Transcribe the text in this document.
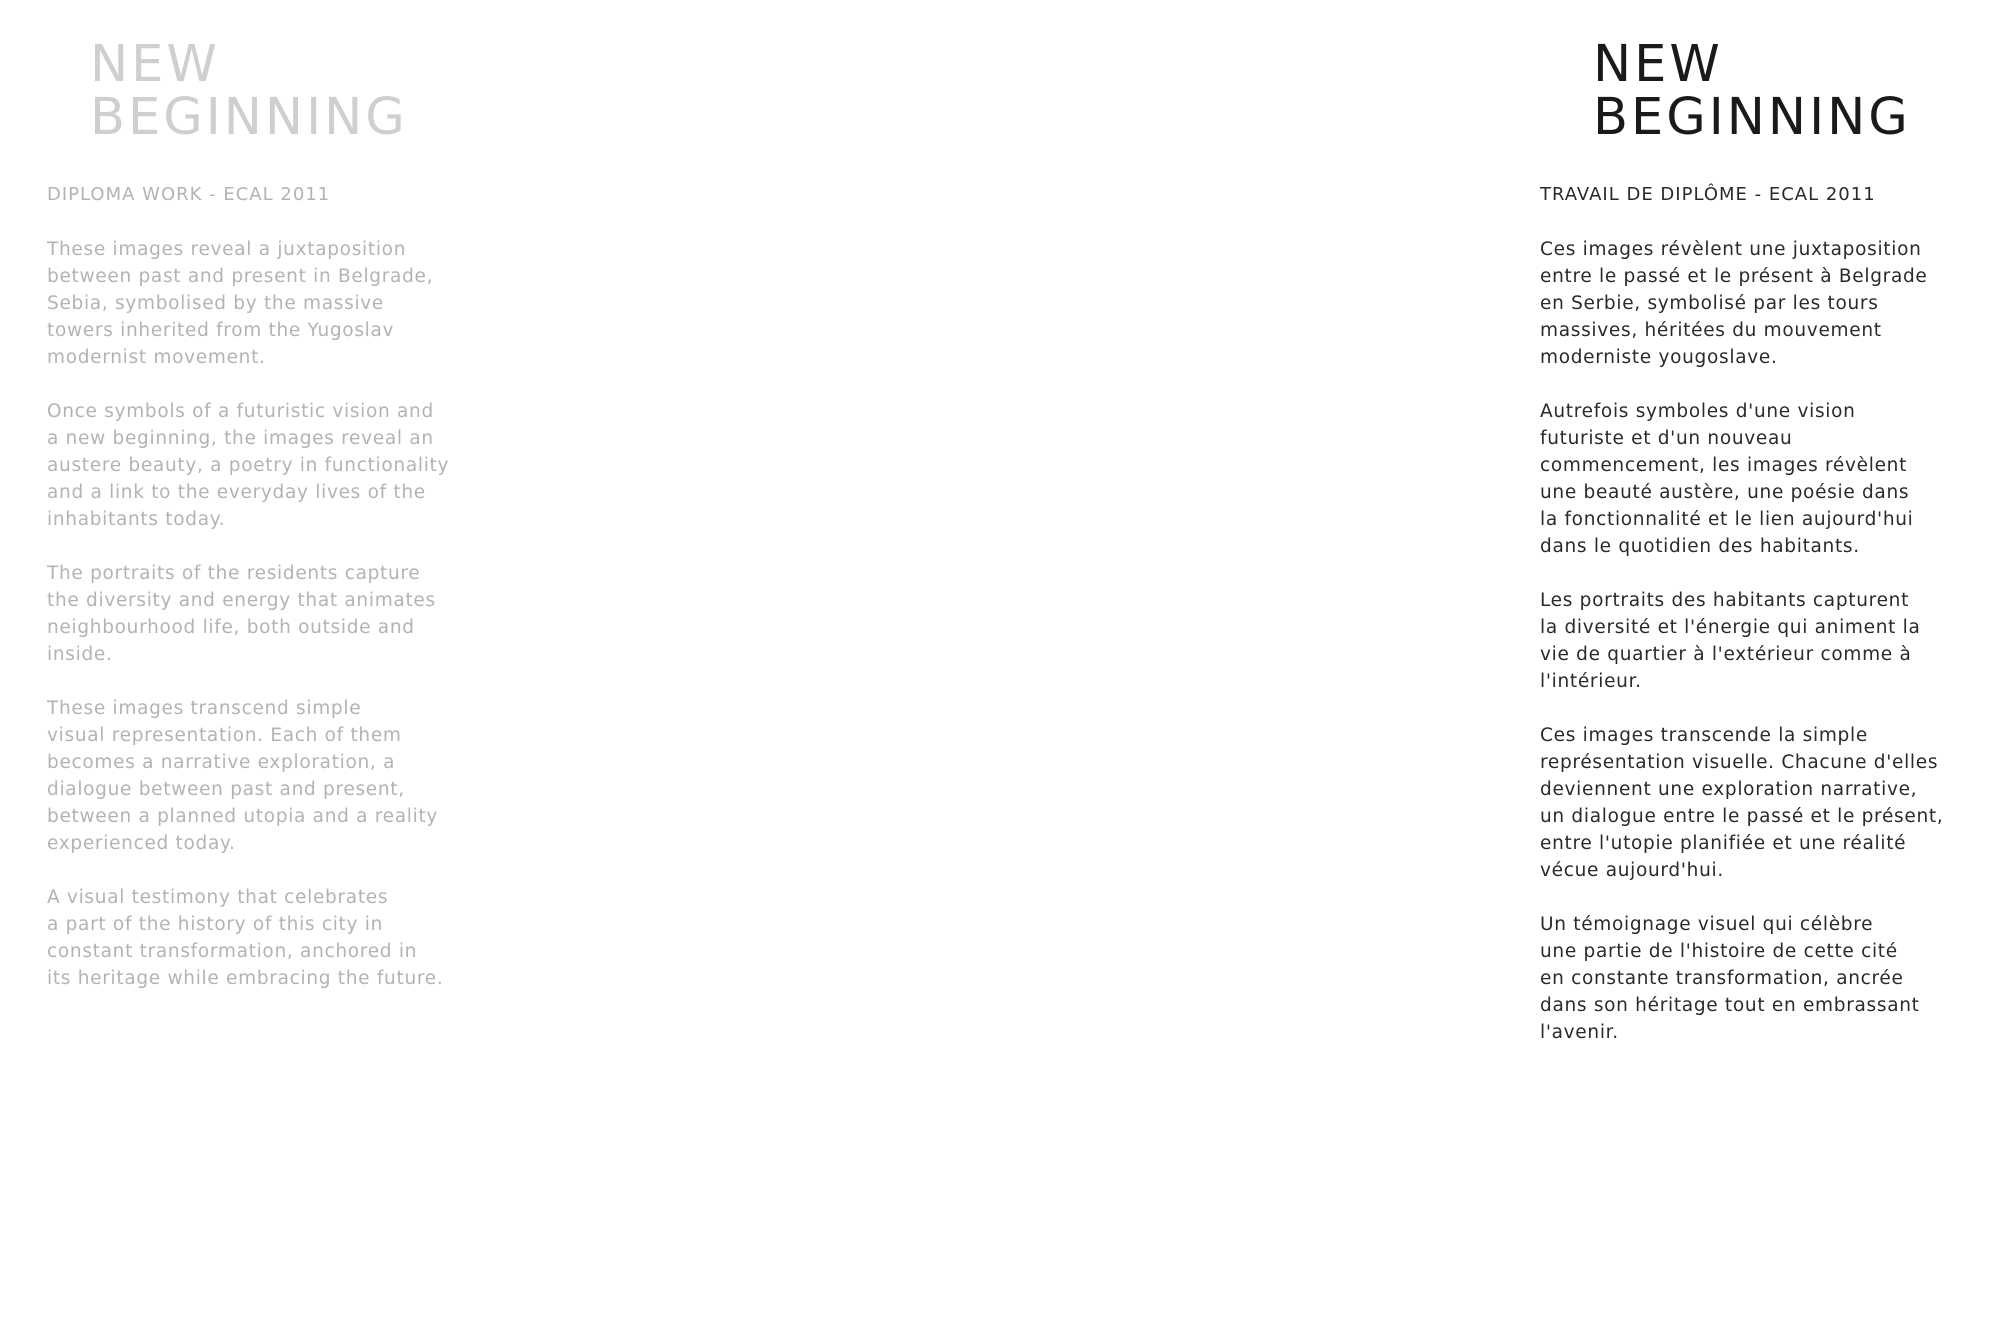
NEW
BEGINNING

DIPLOMA WORK - ECAL 2011

These images reveal a juxtaposition
between past and present in Belgrade,
Sebia, symbolised by the massive
towers inherited from the Yugoslav
modernist movement.

Once symbols of a futuristic vision and
a new beginning, the images reveal an
austere beauty, a poetry in functionality
and a link to the everyday lives of the
inhabitants today.

The portraits of the residents capture
the diversity and energy that animates
neighbourhood life, both outside and
inside.

These images transcend simple
visual representation. Each of them
becomes a narrative exploration, a
dialogue between past and present,
between a planned utopia and a reality
experienced today.

A visual testimony that celebrates
a part of the history of this city in
constant transformation, anchored in
its heritage while embracing the future.

NEW
BEGINNING

TRAVAIL DE DIPLÔME - ECAL 2011

Ces images révèlent une juxtaposition
entre le passé et le présent à Belgrade
en Serbie, symbolisé par les tours
massives, héritées du mouvement
moderniste yougoslave.

Autrefois symboles d'une vision
futuriste et d'un nouveau
commencement, les images révèlent
une beauté austère, une poésie dans
la fonctionnalité et le lien aujourd'hui
dans le quotidien des habitants.

Les portraits des habitants capturent
la diversité et l'énergie qui animent la
vie de quartier à l'extérieur comme à
l'intérieur.

Ces images transcende la simple
représentation visuelle. Chacune d'elles
deviennent une exploration narrative,
un dialogue entre le passé et le présent,
entre l'utopie planifiée et une réalité
vécue aujourd'hui.

Un témoignage visuel qui célèbre
une partie de l'histoire de cette cité
en constante transformation, ancrée
dans son héritage tout en embrassant
l'avenir.
